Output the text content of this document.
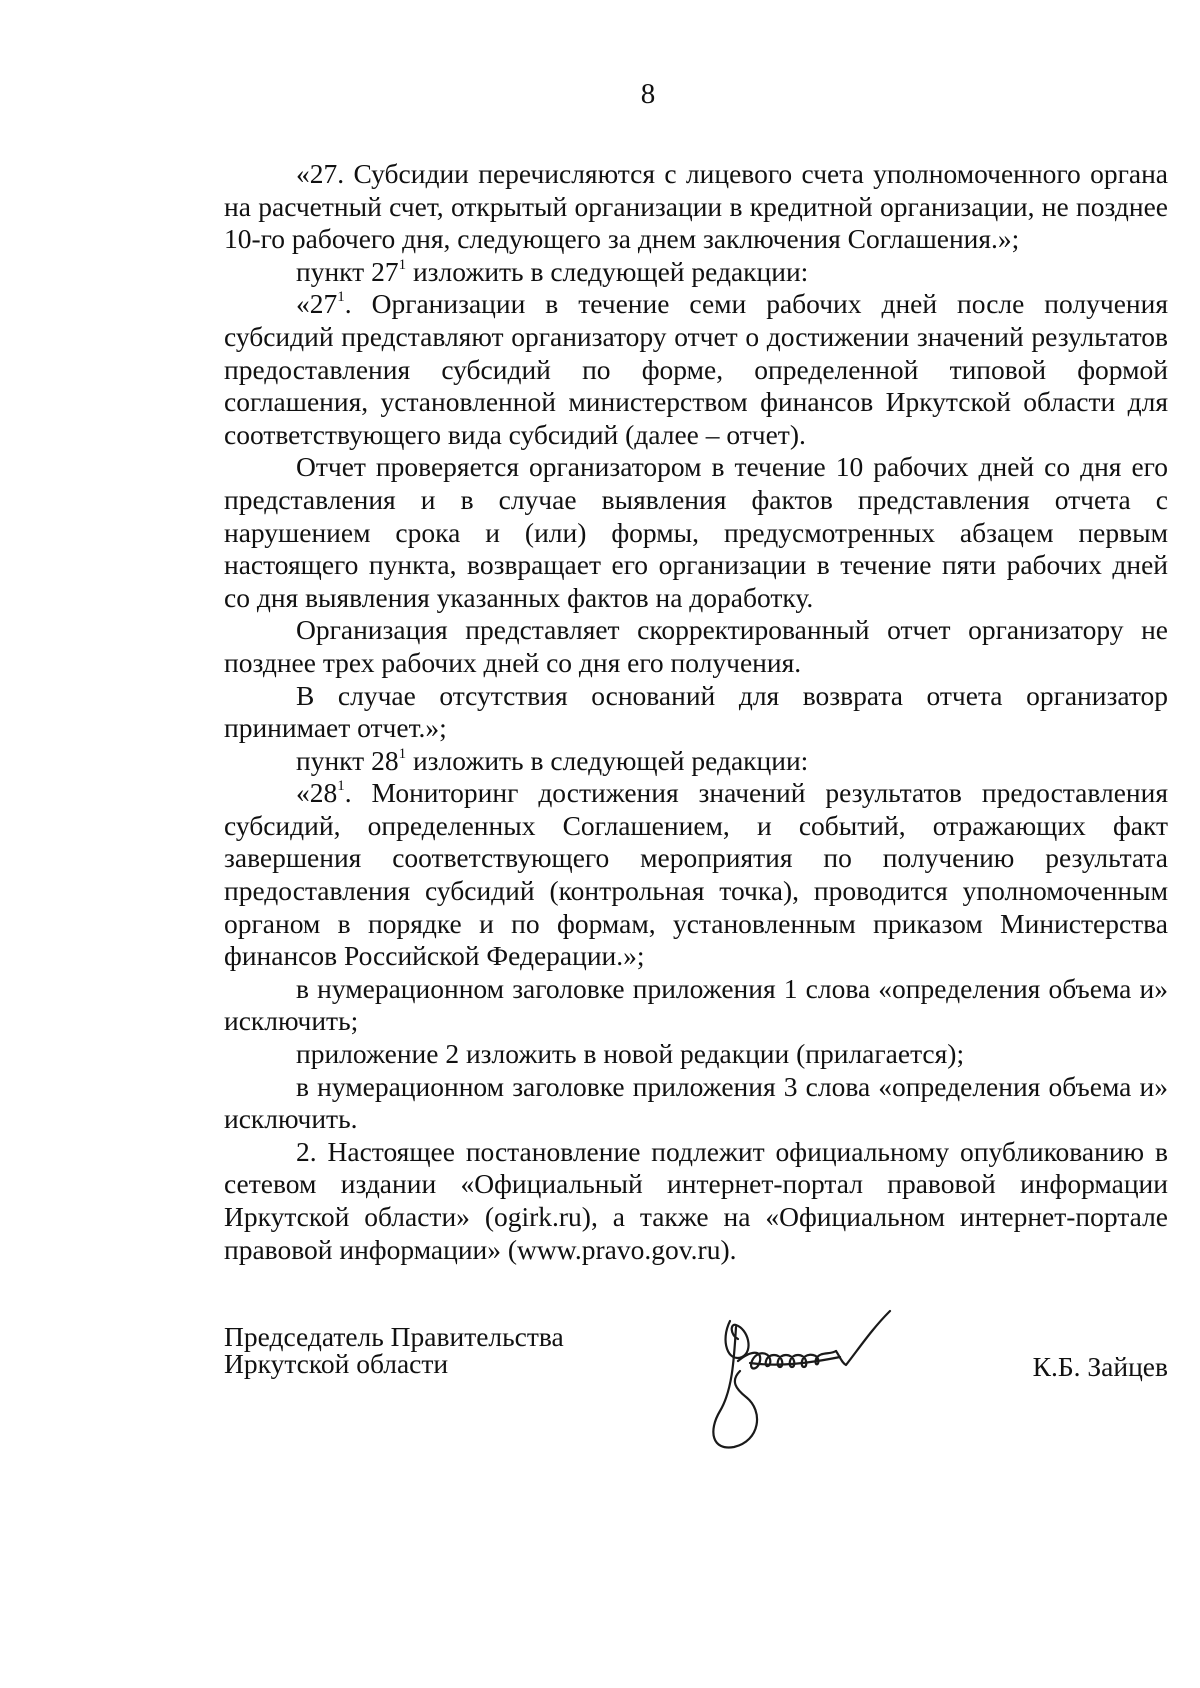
8

«27. Субсидии перечисляются с лицевого счета уполномоченного органа на расчетный счет, открытый организации в кредитной организации, не позднее 10-го рабочего дня, следующего за днем заключения Соглашения.»;

пункт $27^1$ изложить в следующей редакции:

«$27^1$. Организации в течение семи рабочих дней после получения субсидий представляют организатору отчет о достижении значений результатов предоставления субсидий по форме, определенной типовой формой соглашения, установленной министерством финансов Иркутской области для соответствующего вида субсидий (далее – отчет).

Отчет проверяется организатором в течение 10 рабочих дней со дня его представления и в случае выявления фактов представления отчета с нарушением срока и (или) формы, предусмотренных абзацем первым настоящего пункта, возвращает его организации в течение пяти рабочих дней со дня выявления указанных фактов на доработку.

Организация представляет скорректированный отчет организатору не позднее трех рабочих дней со дня его получения.

В случае отсутствия оснований для возврата отчета организатор принимает отчет.»;

пункт $28^1$ изложить в следующей редакции:

«$28^1$. Мониторинг достижения значений результатов предоставления субсидий, определенных Соглашением, и событий, отражающих факт завершения соответствующего мероприятия по получению результата предоставления субсидий (контрольная точка), проводится уполномоченным органом в порядке и по формам, установленным приказом Министерства финансов Российской Федерации.»;

в нумерационном заголовке приложения 1 слова «определения объема и» исключить;

приложение 2 изложить в новой редакции (прилагается);

в нумерационном заголовке приложения 3 слова «определения объема и» исключить.

2. Настоящее постановление подлежит официальному опубликованию в сетевом издании «Официальный интернет-портал правовой информации Иркутской области» (ogirk.ru), а также на «Официальном интернет-портале правовой информации» (www.pravo.gov.ru).

Председатель Правительства
Иркутской области	К.Б. Зайцев
